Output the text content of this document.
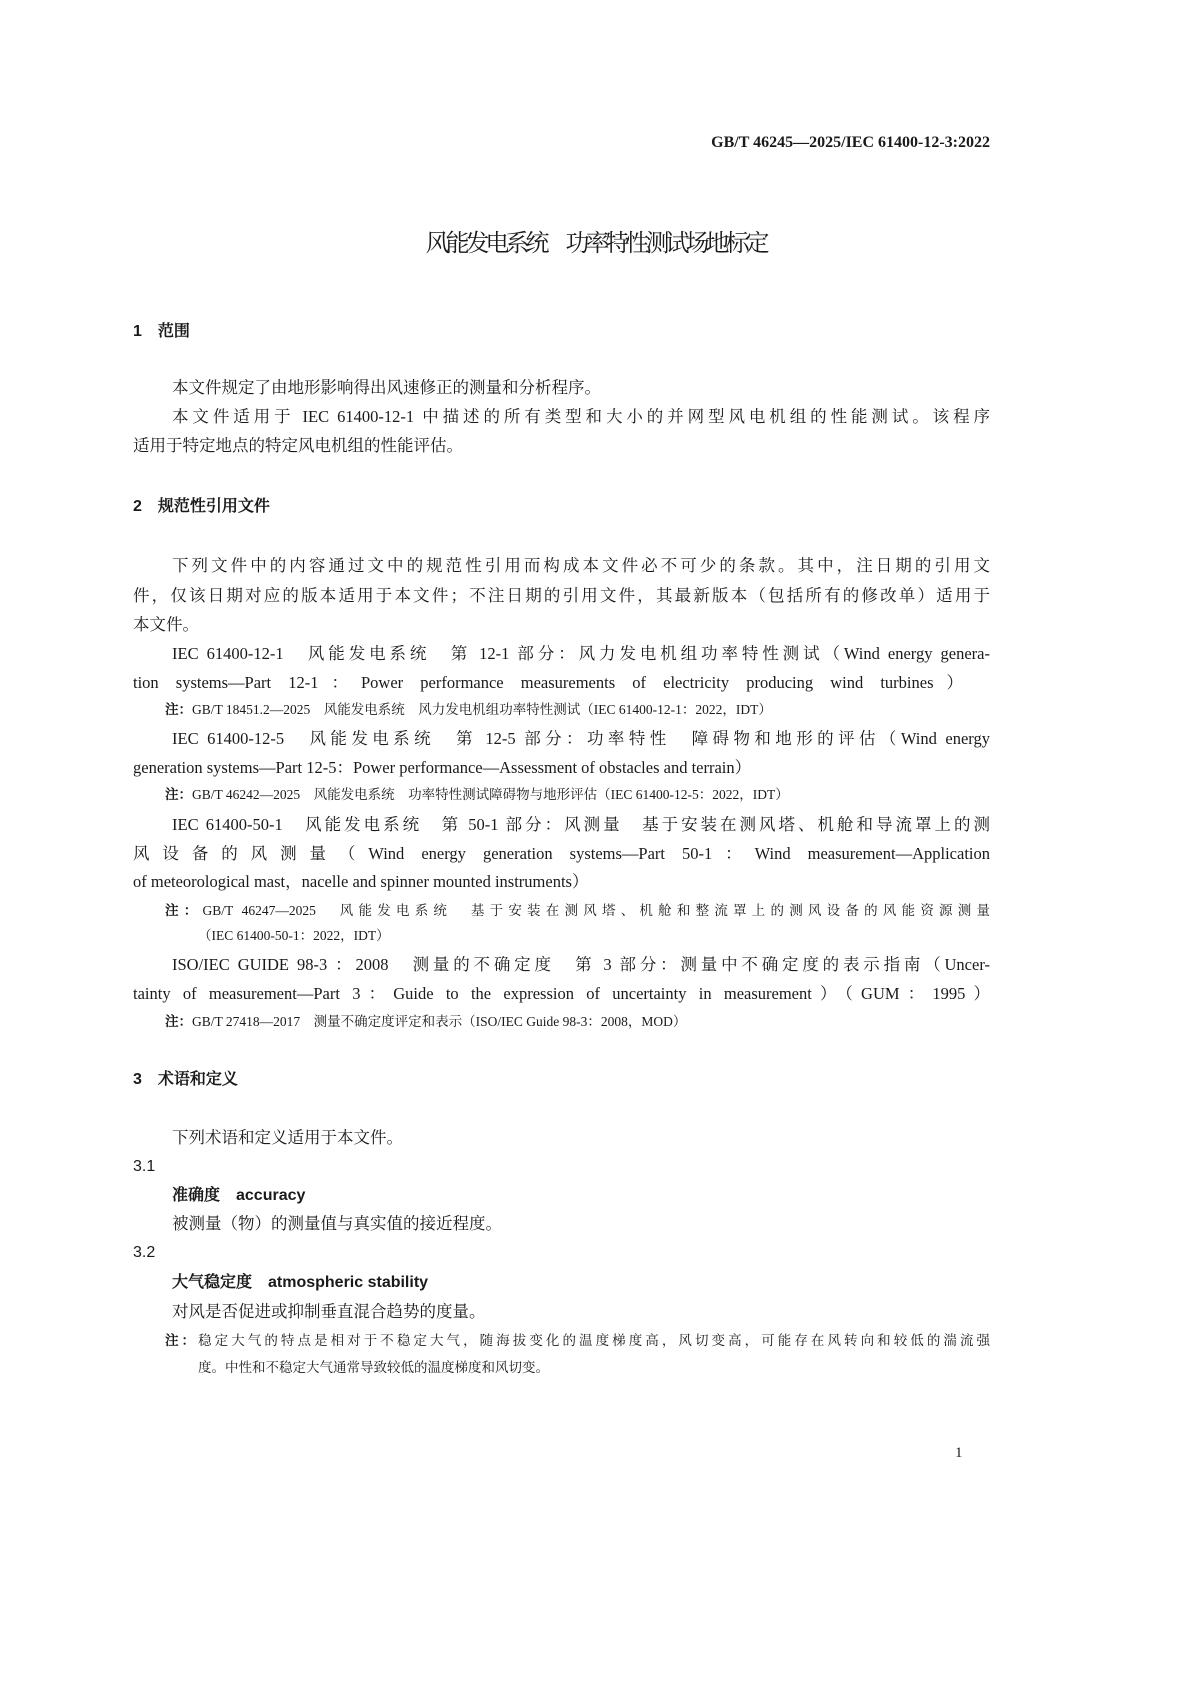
GB/T 46245—2025/IEC 61400-12-3:2022
风能发电系统　功率特性测试场地标定
1　范围
本文件规定了由地形影响得出风速修正的测量和分析程序。
本文件适用于 IEC 61400-12-1 中描述的所有类型和大小的并网型风电机组的性能测试。该程序
适用于特定地点的特定风电机组的性能评估。
2　规范性引用文件
下列文件中的内容通过文中的规范性引用而构成本文件必不可少的条款。其中，注日期的引用文
件，仅该日期对应的版本适用于本文件；不注日期的引用文件，其最新版本（包括所有的修改单）适用于
本文件。
IEC 61400-12-1　风能发电系统　第 12-1 部分：风力发电机组功率特性测试（Wind energy genera-
tion systems—Part 12-1：Power performance measurements of electricity producing wind turbines）
注：GB/T 18451.2—2025　风能发电系统　风力发电机组功率特性测试（IEC 61400-12-1：2022，IDT）
IEC 61400-12-5　风能发电系统　第 12-5 部分：功率特性　障碍物和地形的评估（Wind energy
generation systems—Part 12-5：Power performance—Assessment of obstacles and terrain）
注：GB/T 46242—2025　风能发电系统　功率特性测试障碍物与地形评估（IEC 61400-12-5：2022，IDT）
IEC 61400-50-1　风能发电系统　第 50-1 部分：风测量　基于安装在测风塔、机舱和导流罩上的测
风设备的风测量（Wind energy generation systems—Part 50-1：Wind measurement—Application
of meteorological mast，nacelle and spinner mounted instruments）
注：GB/T 46247—2025　风能发电系统　基于安装在测风塔、机舱和整流罩上的测风设备的风能资源测量
（IEC 61400-50-1：2022，IDT）
ISO/IEC GUIDE 98-3 ：2008　测量的不确定度　第 3 部分：测量中不确定度的表示指南（Uncer-
tainty of measurement—Part 3：Guide to the expression of uncertainty in measurement）（GUM：1995）
注：GB/T 27418—2017　测量不确定度评定和表示（ISO/IEC Guide 98-3：2008，MOD）
3　术语和定义
下列术语和定义适用于本文件。
3.1
准确度　accuracy
被测量（物）的测量值与真实值的接近程度。
3.2
大气稳定度　atmospheric stability
对风是否促进或抑制垂直混合趋势的度量。
注：稳定大气的特点是相对于不稳定大气，随海拔变化的温度梯度高，风切变高，可能存在风转向和较低的湍流强
度。中性和不稳定大气通常导致较低的温度梯度和风切变。
1
